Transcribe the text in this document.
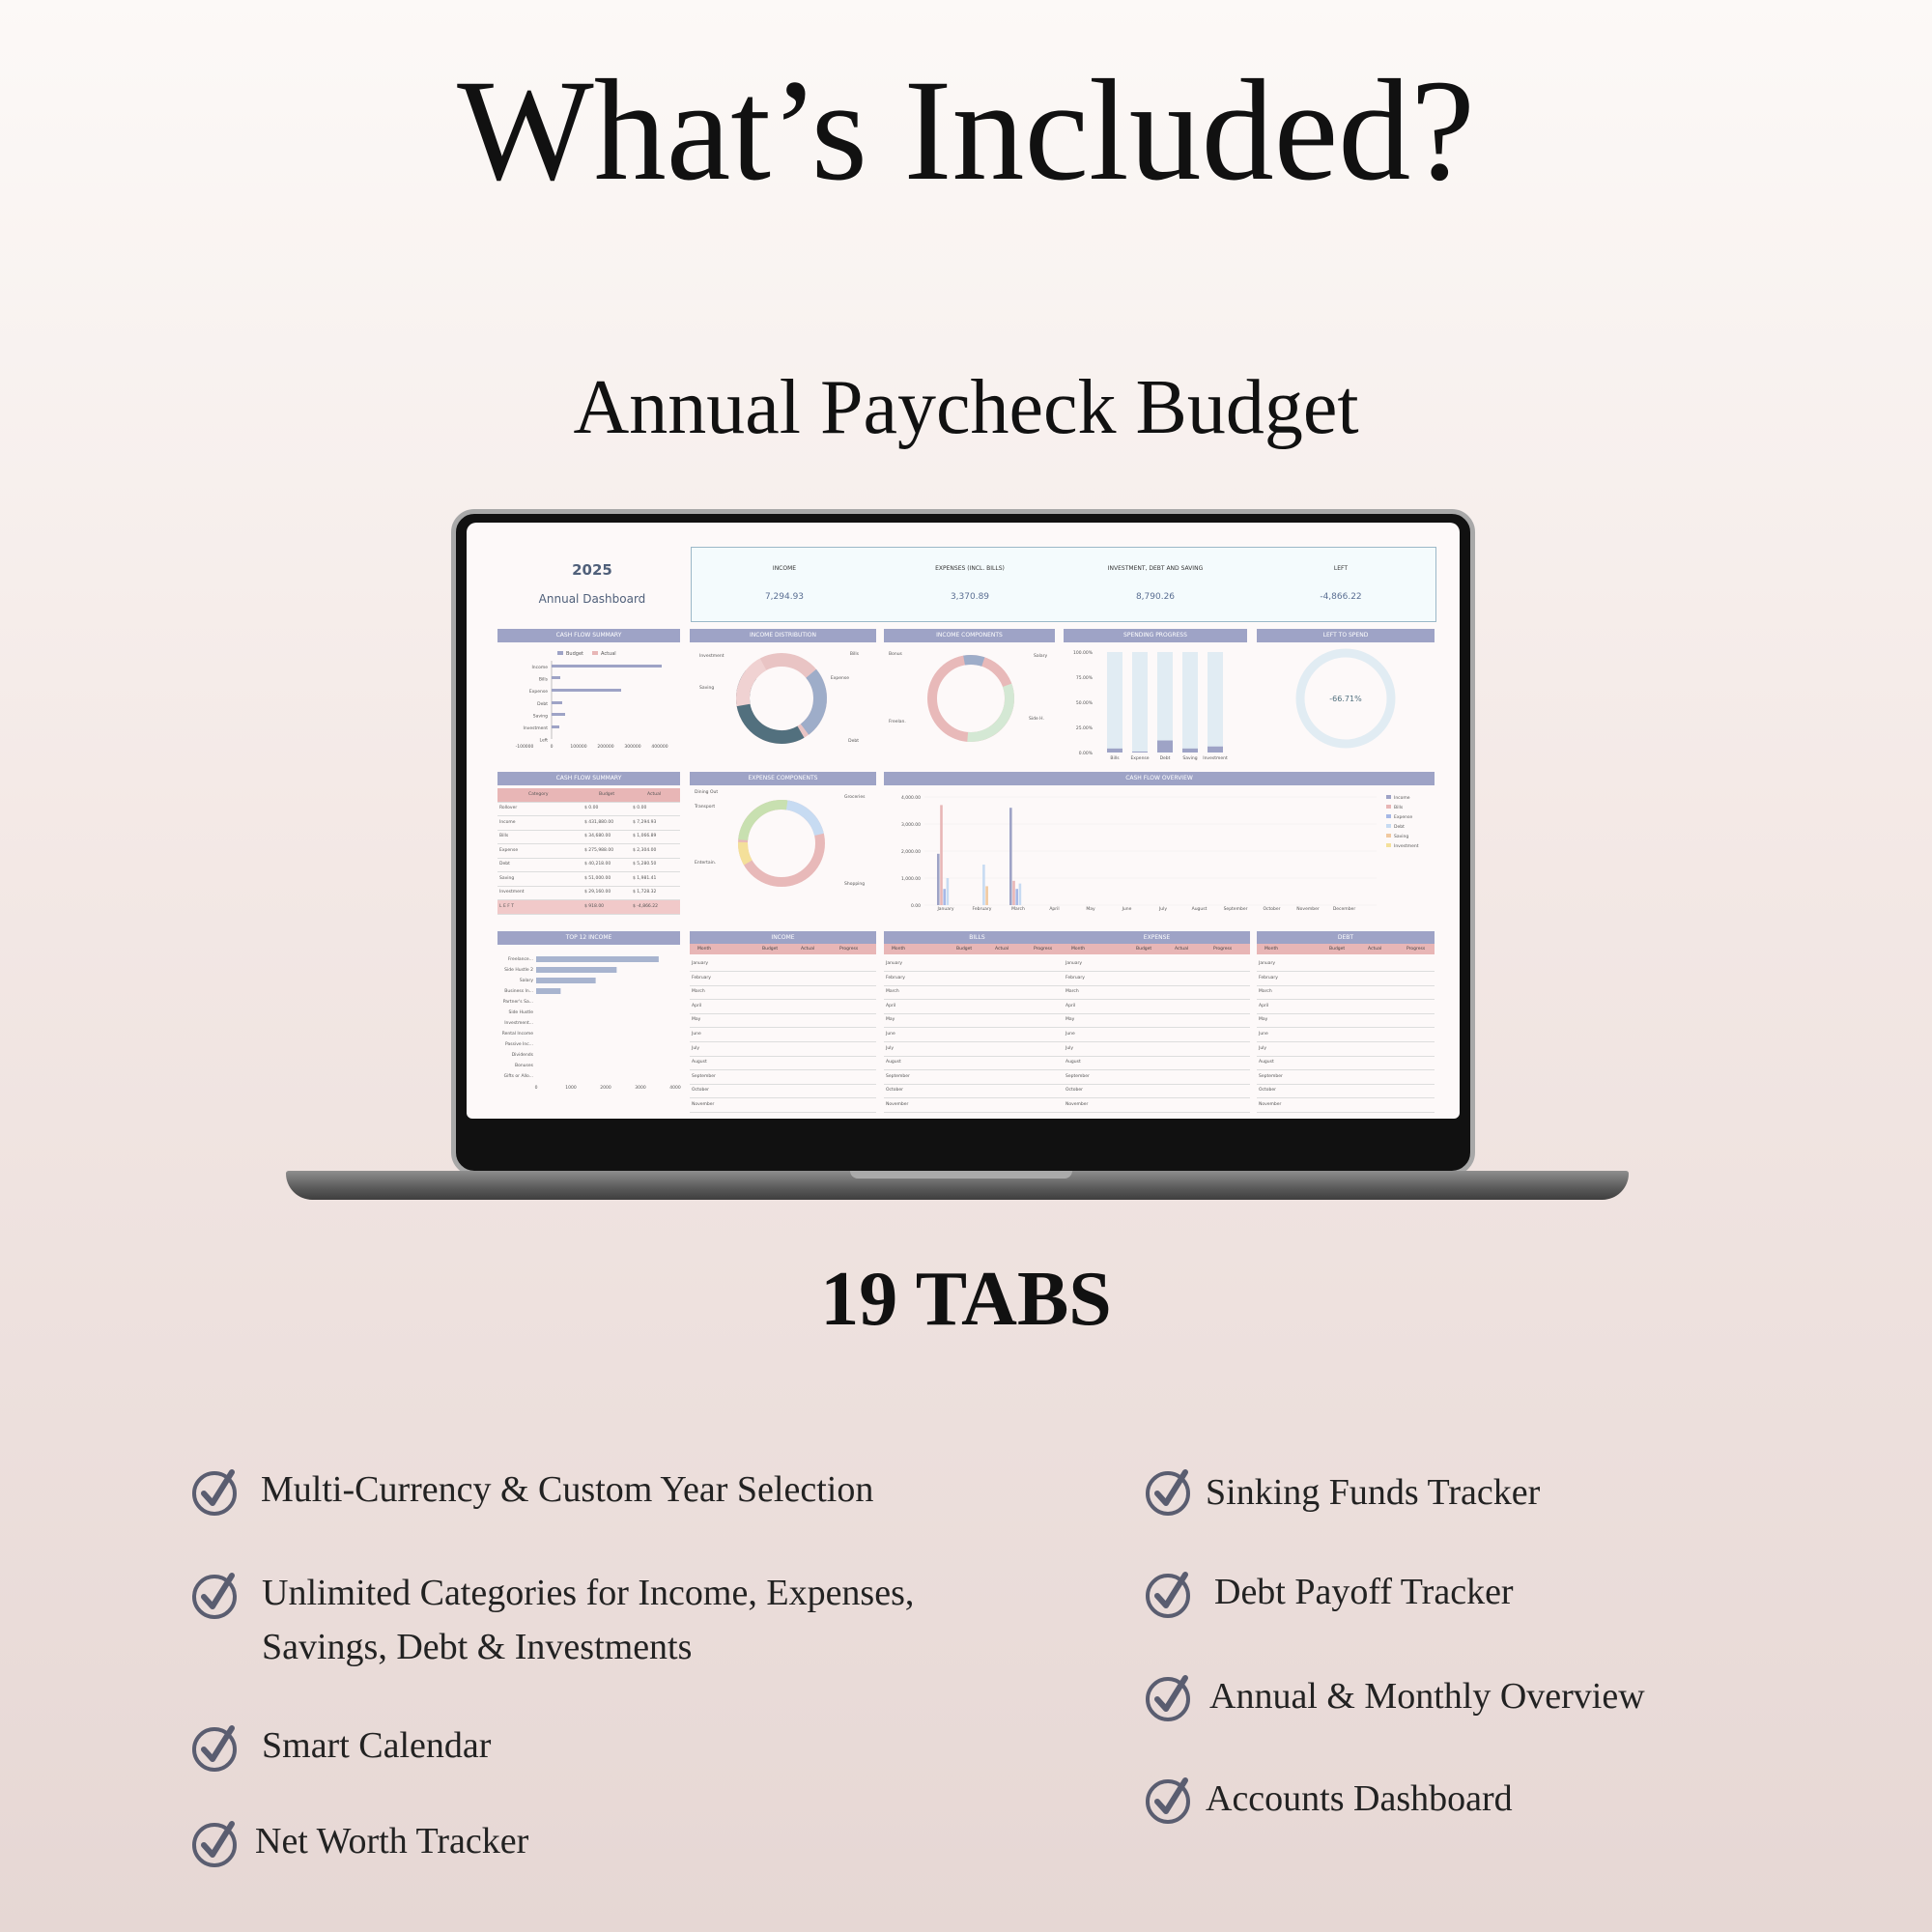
What’s Included?
Annual Paycheck Budget
2025
Annual Dashboard
INCOME
7,294.93
EXPENSES (INCL. BILLS)
3,370.89
INVESTMENT, DEBT AND SAVING
8,790.26
LEFT
-4,866.22
CASH FLOW SUMMARY	INCOME DISTRIBUTION	INCOME COMPONENTS	SPENDING PROGRESS	LEFT TO SPEND
Budget	Actual
Income
Bills
Expense
Debt
Saving
Investment
Left
-100000	0	100000 200000 300000 400000
Investment
Saving
Bills
Expense
Debt
Bonus	Salary
Side H.
Freelan.
100.00%
75.00%
50.00%
25.00%
0.00%
Bills	Expense Debt	Saving Investment
-66.71%
CASH FLOW SUMMARY	EXPENSE COMPONENTS	CASH FLOW OVERVIEW
Category	Budget	Actual
Rollover	$ 0.00	$ 0.00
Income	$ 431,880.00	$ 7,294.93
Bills	$ 34,680.00	$ 1,066.89
Expense	$ 275,988.00	$ 2,304.00
Debt	$ 40,218.00	$ 5,280.50
Saving	$ 51,000.00	$ 1,981.41
Investment	$ 29,160.00	$ 1,728.32
L E F T	$ 918.00	$ -4,866.22
Dining Out
Transport
Entertain.
Groceries
Shopping
4,000.00
3,000.00
2,000.00
1,000.00
0.00
January	February	March	April	May	June	July	August	September	October	November	December
Income
Bills
Expense
Debt
Saving
Investment
TOP 12 INCOME
Freelance...
Side Hustle 2
Salary
Business In...
Partner's Sa...
Side Hustle
Investment...
Rental Income
Passive Inc...
Dividends
Bonuses
Gifts or Allo...
0	1000	2000	3000	4000
INCOME
Month	Budget	Actual	Progress
January
February
March
April
May
June
July
August
September
October
November
BILLS
Month	Budget	Actual	Progress
January
February
March
April
May
June
July
August
September
October
November
EXPENSE
Month	Budget	Actual	Progress
January
February
March
April
May
June
July
August
September
October
November
DEBT
Month	Budget	Actual	Progress
January
February
March
April
May
June
July
August
September
October
November
19 TABS
Multi-Currency & Custom Year Selection
Unlimited Categories for Income, Expenses,
Savings, Debt & Investments
Smart Calendar
Net Worth Tracker
Sinking Funds Tracker
Debt Payoff Tracker
Annual & Monthly Overview
Accounts Dashboard
